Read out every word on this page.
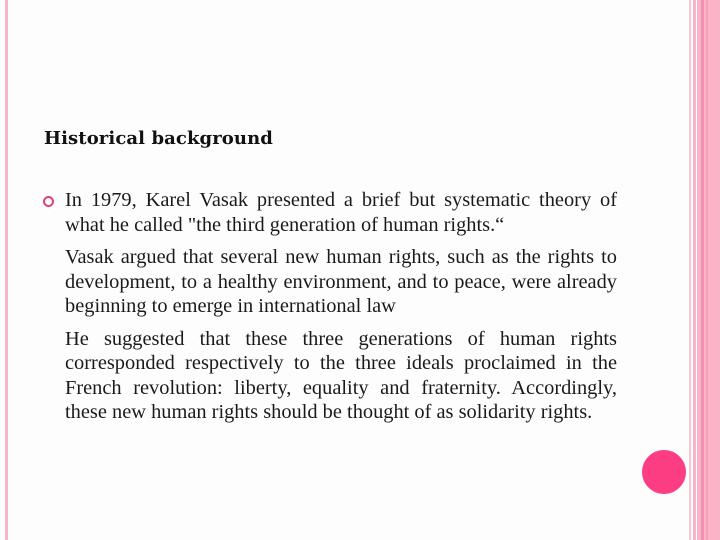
Historical background

In 1979, Karel Vasak presented a brief but systematic theory of what he called "the third generation of human rights.“

Vasak argued that several new human rights, such as the rights to development, to a healthy environment, and to peace, were already beginning to emerge in international law

He suggested that these three generations of human rights corresponded respectively to the three ideals proclaimed in the French revolution: liberty, equality and fraternity. Accordingly, these new human rights should be thought of as solidarity rights.
